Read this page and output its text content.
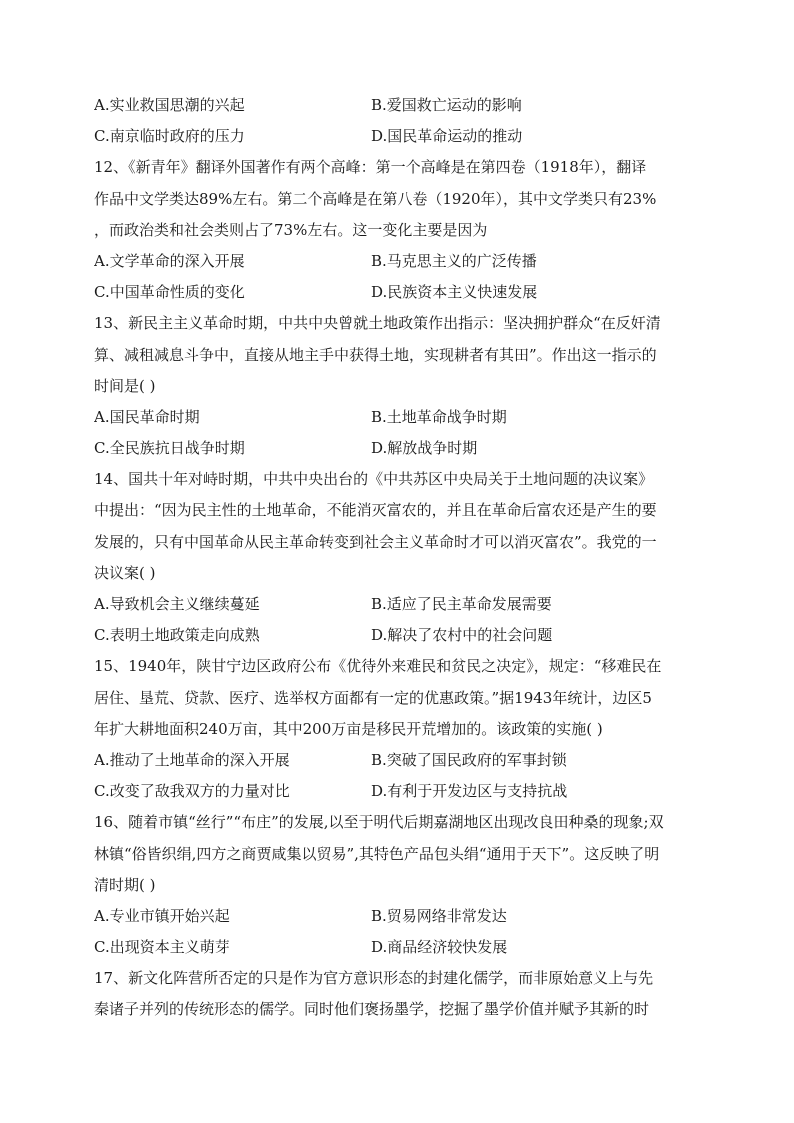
A.实业救国思潮的兴起	B.爱国救亡运动的影响
C.南京临时政府的压力	D.国民革命运动的推动
12、《新青年》翻译外国著作有两个高峰：第一个高峰是在第四卷（1918年），翻译
作品中文学类达89%左右。第二个高峰是在第八卷（1920年），其中文学类只有23%
，而政治类和社会类则占了73%左右。这一变化主要是因为
A.文学革命的深入开展	B.马克思主义的广泛传播
C.中国革命性质的变化	D.民族资本主义快速发展
13、新民主主义革命时期，中共中央曾就土地政策作出指示：坚决拥护群众“在反奸清
算、减租减息斗争中，直接从地主手中获得土地，实现耕者有其田”。作出这一指示的
时间是( )
A.国民革命时期	B.土地革命战争时期
C.全民族抗日战争时期	D.解放战争时期
14、国共十年对峙时期，中共中央出台的《中共苏区中央局关于土地问题的决议案》
中提出：“因为民主性的土地革命，不能消灭富农的，并且在革命后富农还是产生的要
发展的，只有中国革命从民主革命转变到社会主义革命时才可以消灭富农”。我党的一
决议案( )
A.导致机会主义继续蔓延	B.适应了民主革命发展需要
C.表明土地政策走向成熟	D.解决了农村中的社会问题
15、1940年，陕甘宁边区政府公布《优待外来难民和贫民之决定》，规定：“移难民在
居住、垦荒、贷款、医疗、选举权方面都有一定的优惠政策。”据1943年统计，边区5
年扩大耕地面积240万亩，其中200万亩是移民开荒增加的。该政策的实施( )
A.推动了土地革命的深入开展	B.突破了国民政府的军事封锁
C.改变了敌我双方的力量对比	D.有利于开发边区与支持抗战
16、随着市镇“丝行”“布庄”的发展,以至于明代后期嘉湖地区出现改良田种桑的现象;双
林镇“俗皆织绢,四方之商贾咸集以贸易”,其特色产品包头绢“通用于天下”。这反映了明
清时期( )
A.专业市镇开始兴起	B.贸易网络非常发达
C.出现资本主义萌芽	D.商品经济较快发展
17、新文化阵营所否定的只是作为官方意识形态的封建化儒学，而非原始意义上与先
秦诸子并列的传统形态的儒学。同时他们褒扬墨学，挖掘了墨学价值并赋予其新的时
